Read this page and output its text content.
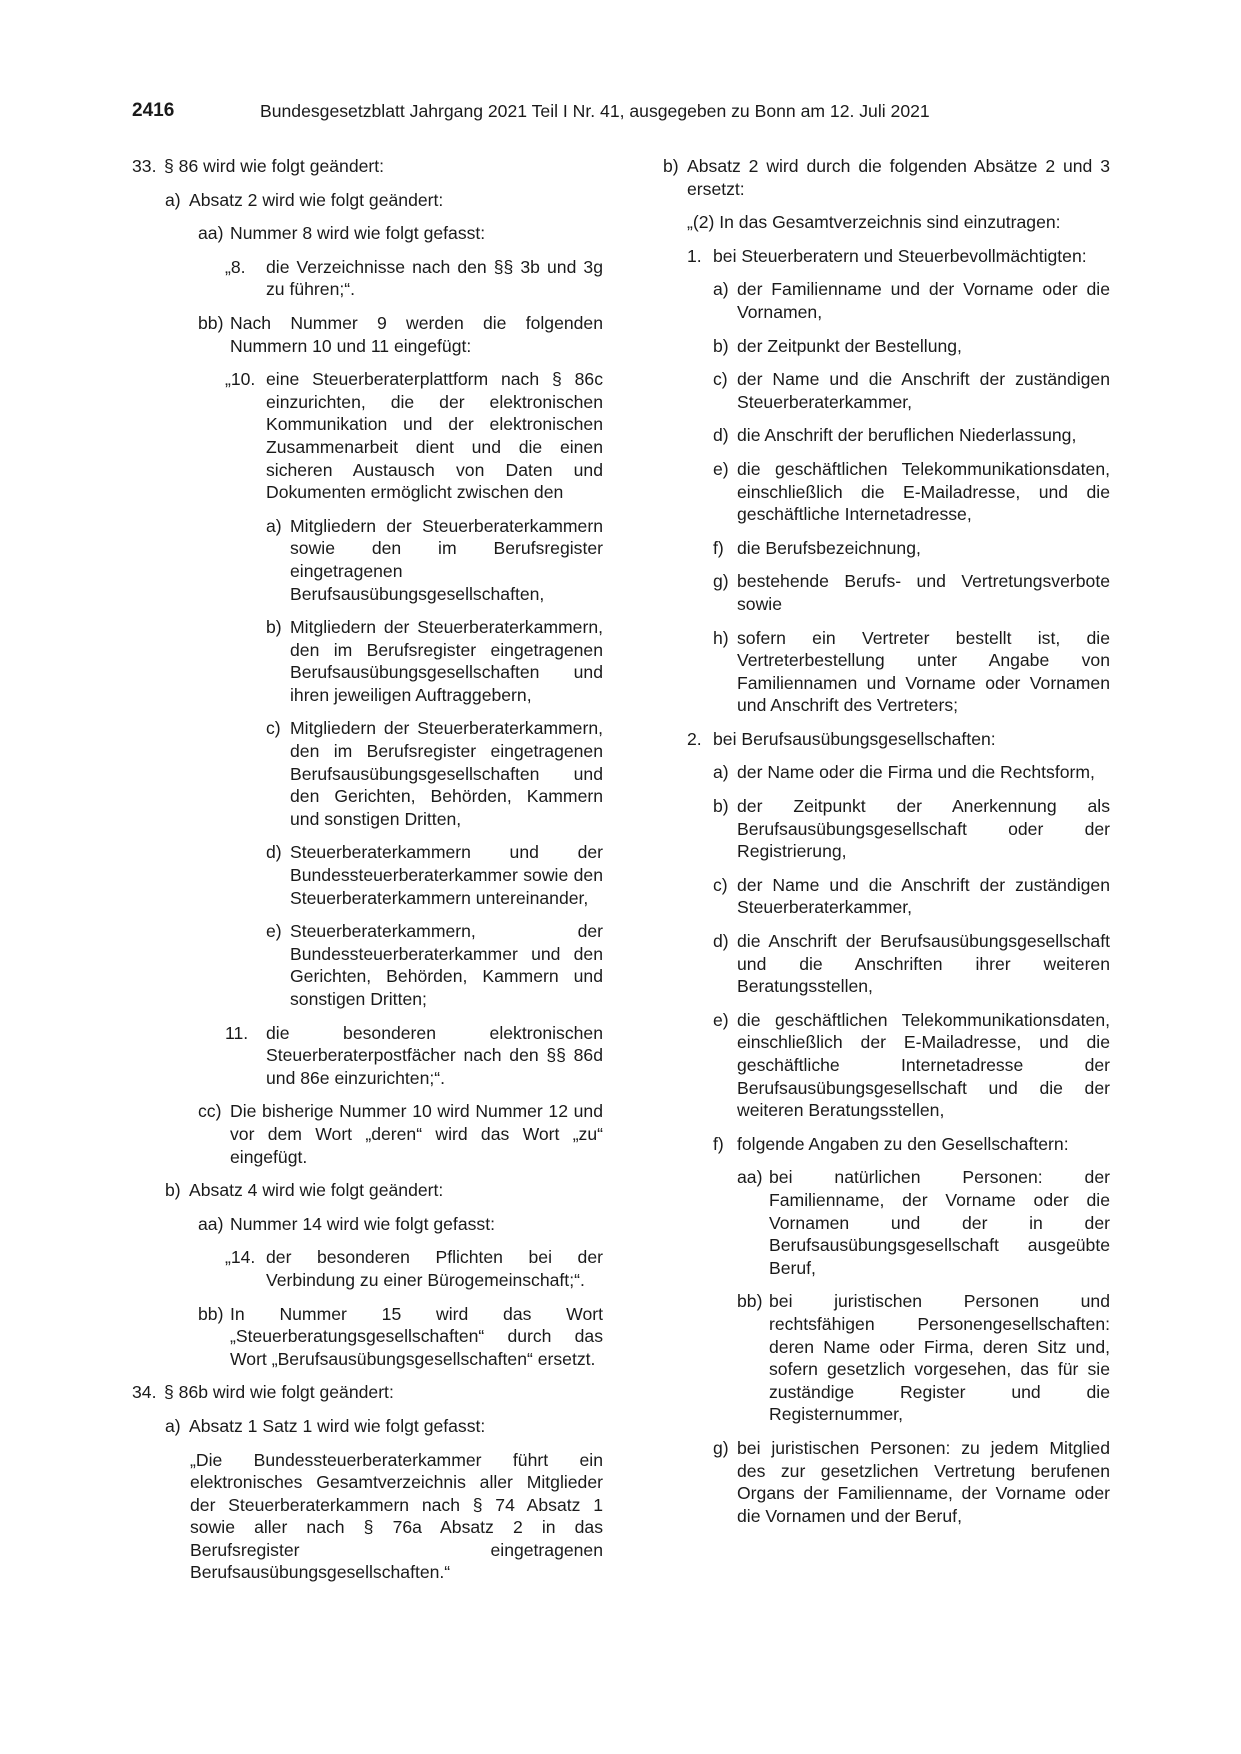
2416	Bundesgesetzblatt Jahrgang 2021 Teil I Nr. 41, ausgegeben zu Bonn am 12. Juli 2021
33. § 86 wird wie folgt geändert:
a) Absatz 2 wird wie folgt geändert:
aa) Nummer 8 wird wie folgt gefasst:
„8.	die Verzeichnisse nach den §§ 3b und 3g zu führen;“.
bb) Nach Nummer 9 werden die folgenden Nummern 10 und 11 eingefügt:
„10. eine Steuerberaterplattform nach § 86c einzurichten, die der elektronischen Kommunikation und der elektronischen Zusammenarbeit dient und die einen sicheren Austausch von Daten und Dokumenten ermöglicht zwischen den
a) Mitgliedern der Steuerberaterkammern sowie den im Berufsregister eingetragenen Berufsausübungsgesellschaften,
b) Mitgliedern der Steuerberaterkammern, den im Berufsregister eingetragenen Berufsausübungsgesellschaften und ihren jeweiligen Auftraggebern,
c) Mitgliedern der Steuerberaterkammern, den im Berufsregister eingetragenen Berufsausübungsgesellschaften und den Gerichten, Behörden, Kammern und sonstigen Dritten,
d) Steuerberaterkammern und der Bundessteuerberaterkammer sowie den Steuerberaterkammern untereinander,
e) Steuerberaterkammern, der Bundessteuerberaterkammer und den Gerichten, Behörden, Kammern und sonstigen Dritten;
11.	die besonderen elektronischen Steuerberaterpostfächer nach den §§ 86d und 86e einzurichten;“.
cc) Die bisherige Nummer 10 wird Nummer 12 und vor dem Wort „deren“ wird das Wort „zu“ eingefügt.
b) Absatz 4 wird wie folgt geändert:
aa) Nummer 14 wird wie folgt gefasst:
„14. der besonderen Pflichten bei der Verbindung zu einer Bürogemeinschaft;“.
bb) In Nummer 15 wird das Wort „Steuerberatungsgesellschaften“ durch das Wort „Berufsausübungsgesellschaften“ ersetzt.
34. § 86b wird wie folgt geändert:
a) Absatz 1 Satz 1 wird wie folgt gefasst:
„Die Bundessteuerberaterkammer führt ein elektronisches Gesamtverzeichnis aller Mitglieder der Steuerberaterkammern nach § 74 Absatz 1 sowie aller nach § 76a Absatz 2 in das Berufsregister eingetragenen Berufsausübungsgesellschaften.“
b) Absatz 2 wird durch die folgenden Absätze 2 und 3 ersetzt:
„(2) In das Gesamtverzeichnis sind einzutragen:
1. bei Steuerberatern und Steuerbevollmächtigten:
a) der Familienname und der Vorname oder die Vornamen,
b) der Zeitpunkt der Bestellung,
c) der Name und die Anschrift der zuständigen Steuerberaterkammer,
d) die Anschrift der beruflichen Niederlassung,
e) die geschäftlichen Telekommunikationsdaten, einschließlich die E-Mailadresse, und die geschäftliche Internetadresse,
f) die Berufsbezeichnung,
g) bestehende Berufs- und Vertretungsverbote sowie
h) sofern ein Vertreter bestellt ist, die Vertreterbestellung unter Angabe von Familiennamen und Vorname oder Vornamen und Anschrift des Vertreters;
2. bei Berufsausübungsgesellschaften:
a) der Name oder die Firma und die Rechtsform,
b) der Zeitpunkt der Anerkennung als Berufsausübungsgesellschaft oder der Registrierung,
c) der Name und die Anschrift der zuständigen Steuerberaterkammer,
d) die Anschrift der Berufsausübungsgesellschaft und die Anschriften ihrer weiteren Beratungsstellen,
e) die geschäftlichen Telekommunikationsdaten, einschließlich der E-Mailadresse, und die geschäftliche Internetadresse der Berufsausübungsgesellschaft und die der weiteren Beratungsstellen,
f) folgende Angaben zu den Gesellschaftern:
aa) bei natürlichen Personen: der Familienname, der Vorname oder die Vornamen und der in der Berufsausübungsgesellschaft ausgeübte Beruf,
bb) bei juristischen Personen und rechtsfähigen Personengesellschaften: deren Name oder Firma, deren Sitz und, sofern gesetzlich vorgesehen, das für sie zuständige Register und die Registernummer,
g) bei juristischen Personen: zu jedem Mitglied des zur gesetzlichen Vertretung berufenen Organs der Familienname, der Vorname oder die Vornamen und der Beruf,
